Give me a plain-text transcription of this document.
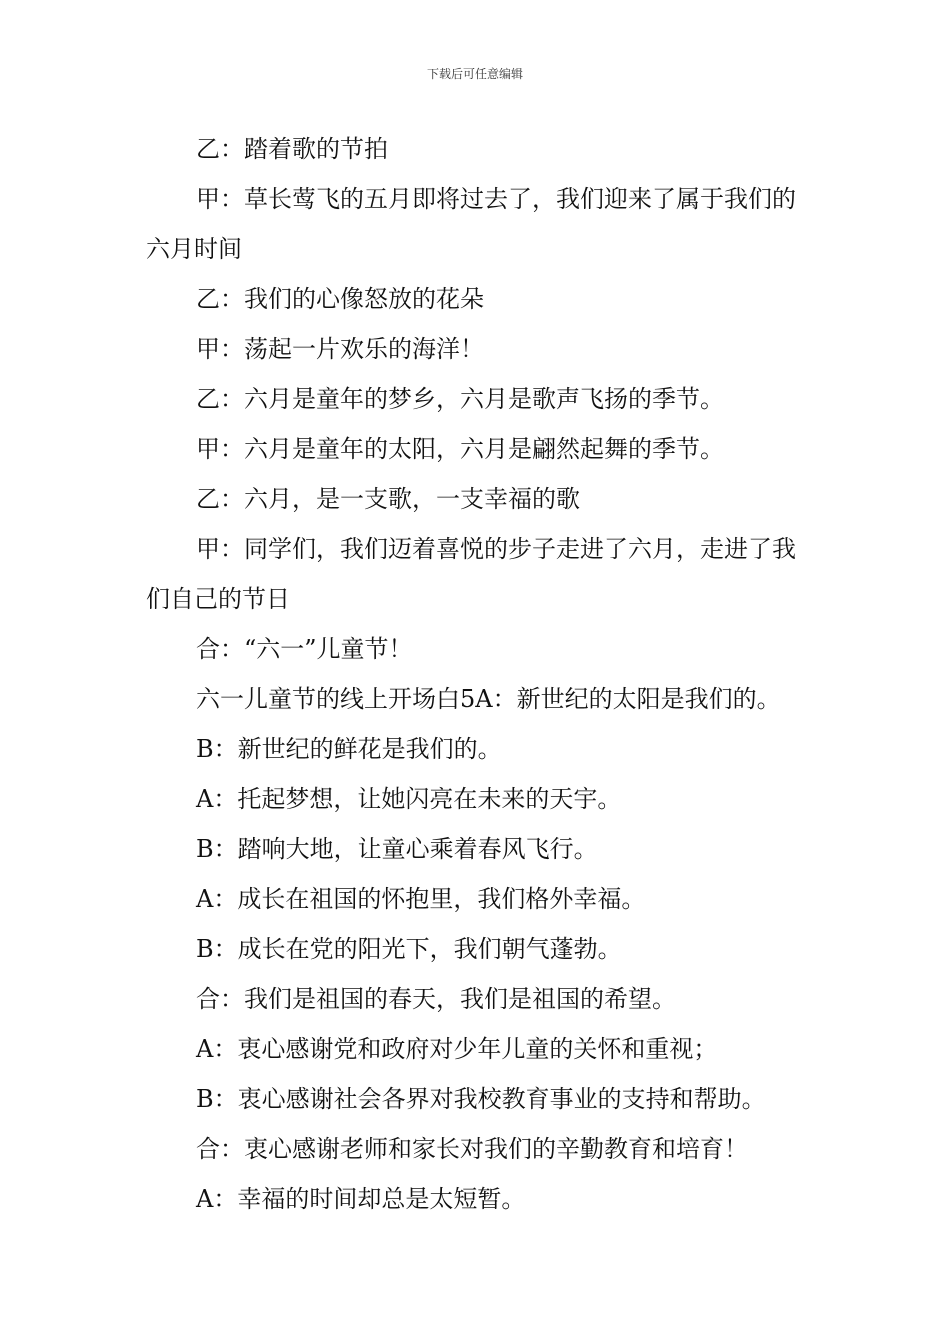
下载后可任意编辑

乙：踏着歌的节拍

甲：草长莺飞的五月即将过去了，我们迎来了属于我们的六月时间

乙：我们的心像怒放的花朵

甲：荡起一片欢乐的海洋！

乙：六月是童年的梦乡，六月是歌声飞扬的季节。

甲：六月是童年的太阳，六月是翩然起舞的季节。

乙：六月，是一支歌，一支幸福的歌

甲：同学们，我们迈着喜悦的步子走进了六月，走进了我们自己的节日

合：“六一”儿童节！

六一儿童节的线上开场白5A：新世纪的太阳是我们的。

B：新世纪的鲜花是我们的。

A：托起梦想，让她闪亮在未来的天宇。

B：踏响大地，让童心乘着春风飞行。

A：成长在祖国的怀抱里，我们格外幸福。

B：成长在党的阳光下，我们朝气蓬勃。

合：我们是祖国的春天，我们是祖国的希望。

A：衷心感谢党和政府对少年儿童的关怀和重视；

B：衷心感谢社会各界对我校教育事业的支持和帮助。

合：衷心感谢老师和家长对我们的辛勤教育和培育！

A：幸福的时间却总是太短暂。
